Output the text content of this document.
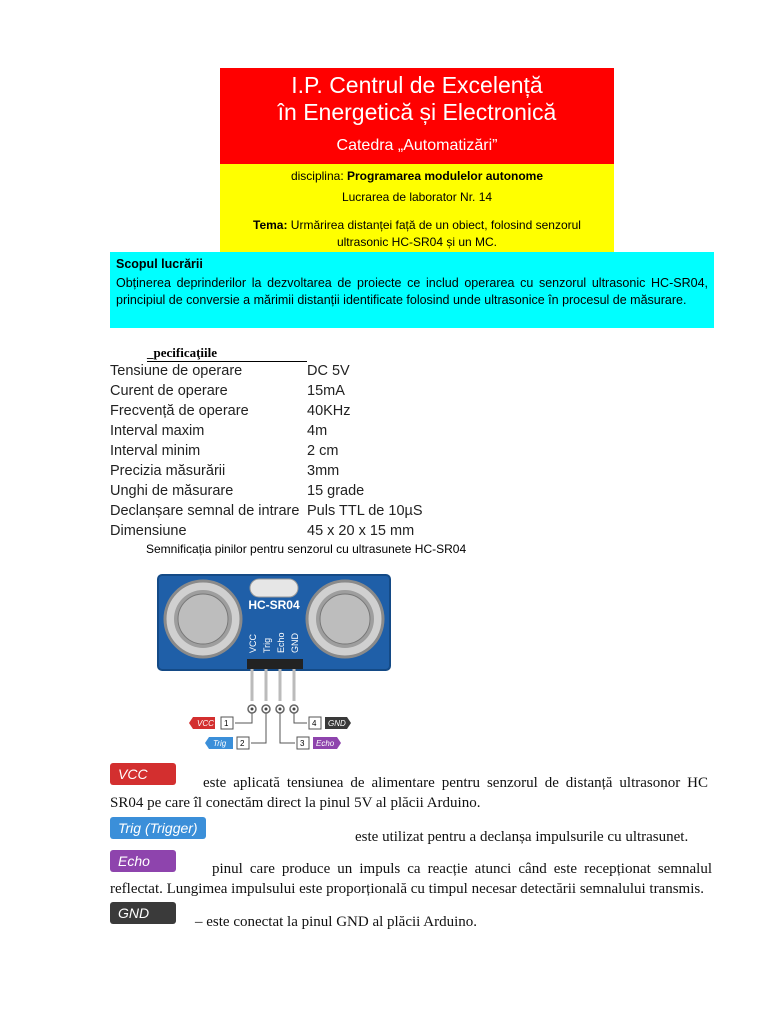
I.P. Centrul de Excelență
în Energetică și Electronică
Catedra „Automatizări”
disciplina: Programarea modulelor autonome
Lucrarea de laborator Nr. 14
Tema: Urmărirea distanței față de un obiect, folosind senzorul
ultrasonic HC-SR04 și un MC.
Scopul lucrării
Obținerea deprinderilor la dezvoltarea de proiecte ce includ operarea cu senzorul ultrasonic HC-SR04, principiul de conversie a mărimii distanții identificate folosind unde ultrasonice în procesul de măsurare.
_pecificaţiile
Tensiune de operare	DC 5V
Curent de operare	15mA
Frecvență de operare	40KHz
Interval maxim	4m
Interval minim	2 cm
Precizia măsurării	3mm
Unghi de măsurare	15 grade
Declanșare semnal de intrare Puls TTL de 10µS
Dimensiune	45 x 20 x 15 mm
Semnificația pinilor pentru senzorul cu ultrasunete HC-SR04
HC-SR04
VCC Trig Echo GND
VCC 1
Trig 2	3 Echo
4 GND
VCC
este aplicată tensiunea de alimentare pentru senzorul de distanță ultrasonor HC
SR04 pe care îl conectăm direct la pinul 5V al plăcii Arduino.
Trig (Trigger)
este utilizat pentru a declanșa impulsurile cu ultrasunet.
Echo	pinul care produce un impuls ca reacție atunci când este recepționat semnalul
reflectat. Lungimea impulsului este proporțională cu timpul necesar detectării semnalului transmis.
GND
– este conectat la pinul GND al plăcii Arduino.
